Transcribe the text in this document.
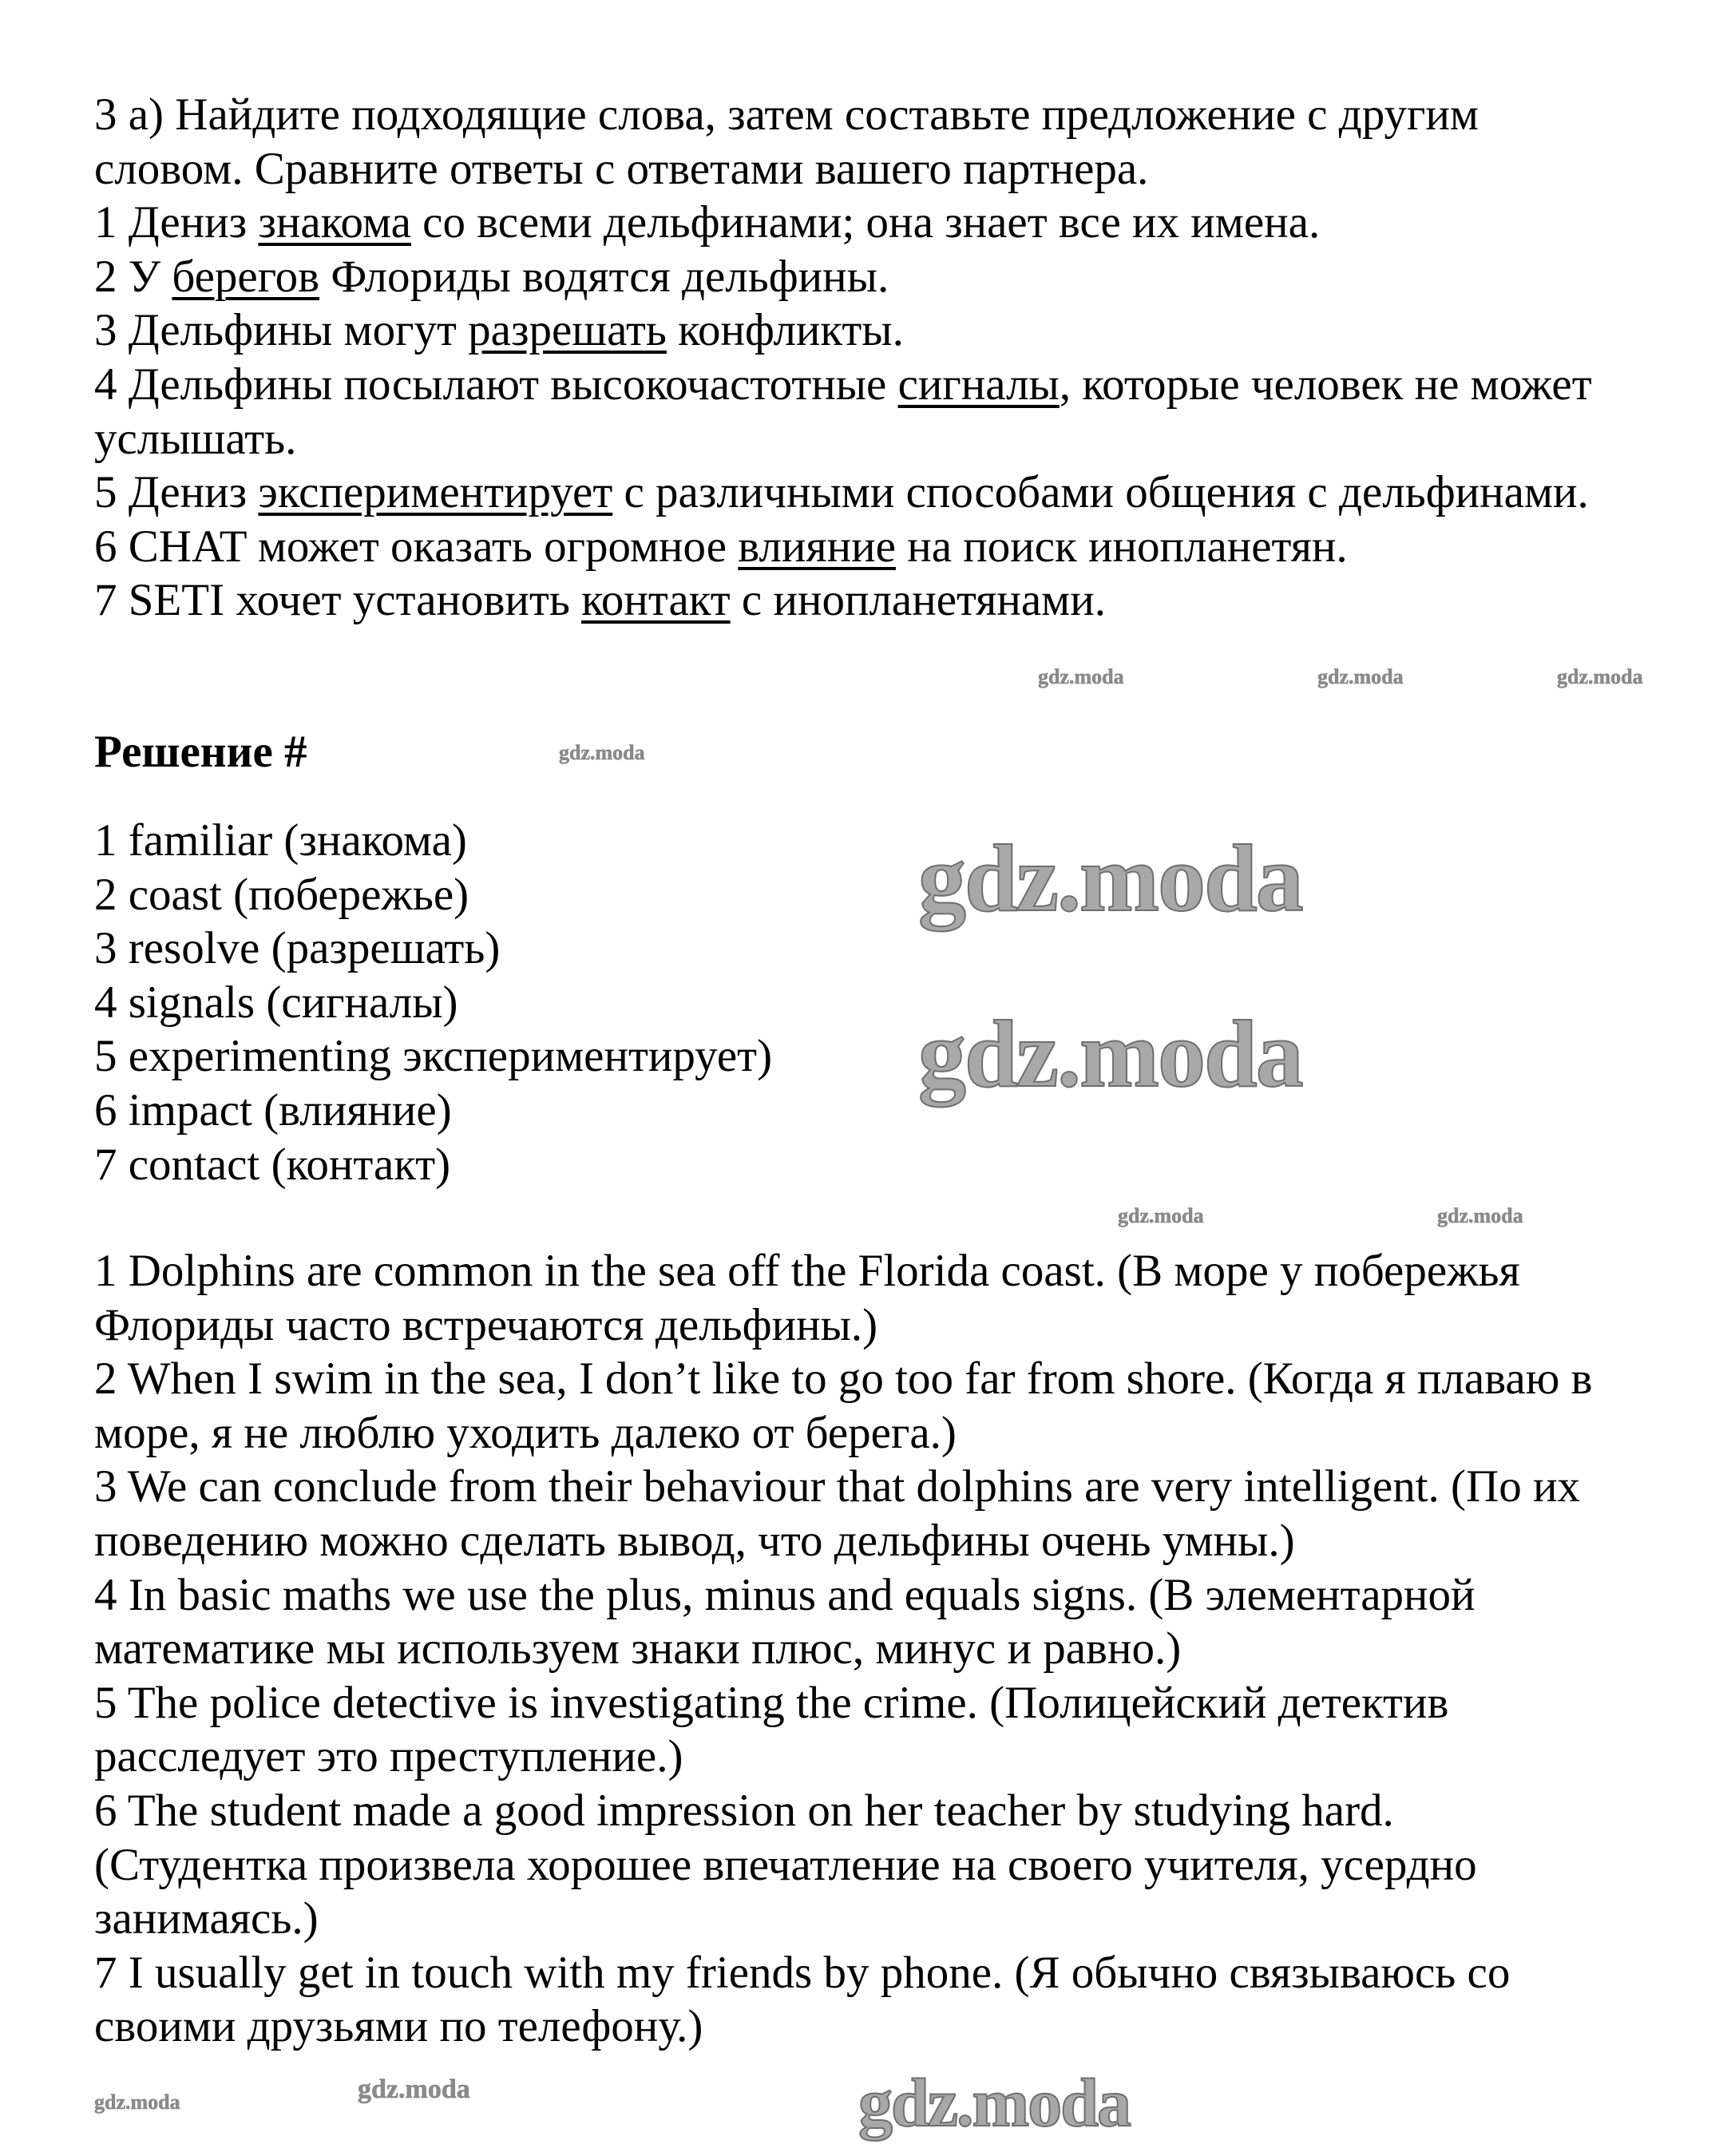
3 a) Найдите подходящие слова, затем составьте предложение с другим
словом. Сравните ответы с ответами вашего партнера.
1 Дениз знакома со всеми дельфинами; она знает все их имена.
2 У берегов Флориды водятся дельфины.
3 Дельфины могут разрешать конфликты.
4 Дельфины посылают высокочастотные сигналы, которые человек не может
услышать.
5 Дениз экспериментирует с различными способами общения с дельфинами.
6 CHAT может оказать огромное влияние на поиск инопланетян.
7 SETI хочет установить контакт с инопланетянами.
Решение #
1 familiar (знакома)
2 coast (побережье)
3 resolve (разрешать)
4 signals (сигналы)
5 experimenting экспериментирует)
6 impact (влияние)
7 contact (контакт)
1 Dolphins are common in the sea off the Florida coast. (В море у побережья
Флориды часто встречаются дельфины.)
2 When I swim in the sea, I don’t like to go too far from shore. (Когда я плаваю в
море, я не люблю уходить далеко от берега.)
3 We can conclude from their behaviour that dolphins are very intelligent. (По их
поведению можно сделать вывод, что дельфины очень умны.)
4 In basic maths we use the plus, minus and equals signs. (В элементарной
математике мы используем знаки плюс, минус и равно.)
5 The police detective is investigating the crime. (Полицейский детектив
расследует это преступление.)
6 The student made a good impression on her teacher by studying hard.
(Студентка произвела хорошее впечатление на своего учителя, усердно
занимаясь.)
7 I usually get in touch with my friends by phone. (Я обычно связываюсь со
своими друзьями по телефону.)
gdz.moda
gdz.moda
gdz.moda
gdz.moda	gdz.moda	gdz.moda
gdz.moda
gdz.moda
gdz.moda
gdz.moda
gdz.moda
